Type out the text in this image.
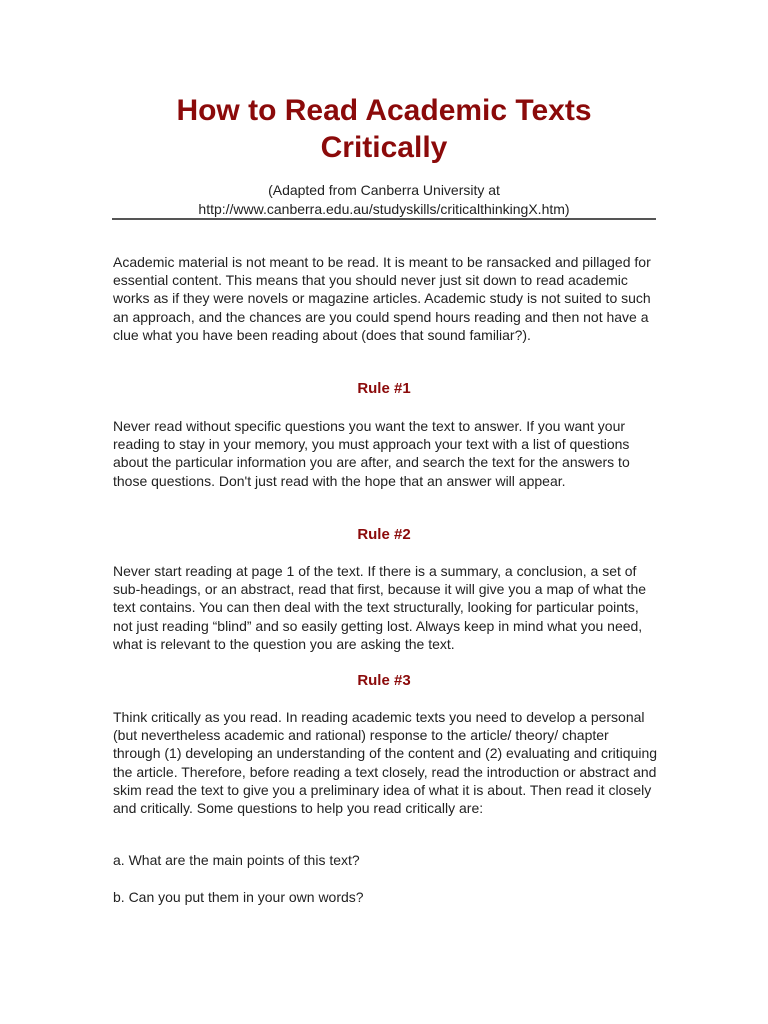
How to Read Academic Texts
Critically

(Adapted from Canberra University at
http://www.canberra.edu.au/studyskills/criticalthinkingX.htm)

Academic material is not meant to be read. It is meant to be ransacked and pillaged for essential content. This means that you should never just sit down to read academic works as if they were novels or magazine articles. Academic study is not suited to such an approach, and the chances are you could spend hours reading and then not have a clue what you have been reading about (does that sound familiar?).

Rule #1

Never read without specific questions you want the text to answer. If you want your reading to stay in your memory, you must approach your text with a list of questions about the particular information you are after, and search the text for the answers to those questions. Don't just read with the hope that an answer will appear.

Rule #2

Never start reading at page 1 of the text. If there is a summary, a conclusion, a set of sub-headings, or an abstract, read that first, because it will give you a map of what the text contains. You can then deal with the text structurally, looking for particular points, not just reading “blind” and so easily getting lost. Always keep in mind what you need, what is relevant to the question you are asking the text.

Rule #3

Think critically as you read. In reading academic texts you need to develop a personal (but nevertheless academic and rational) response to the article/ theory/ chapter through (1) developing an understanding of the content and (2) evaluating and critiquing the article. Therefore, before reading a text closely, read the introduction or abstract and skim read the text to give you a preliminary idea of what it is about. Then read it closely and critically. Some questions to help you read critically are:

a. What are the main points of this text?

b. Can you put them in your own words?
